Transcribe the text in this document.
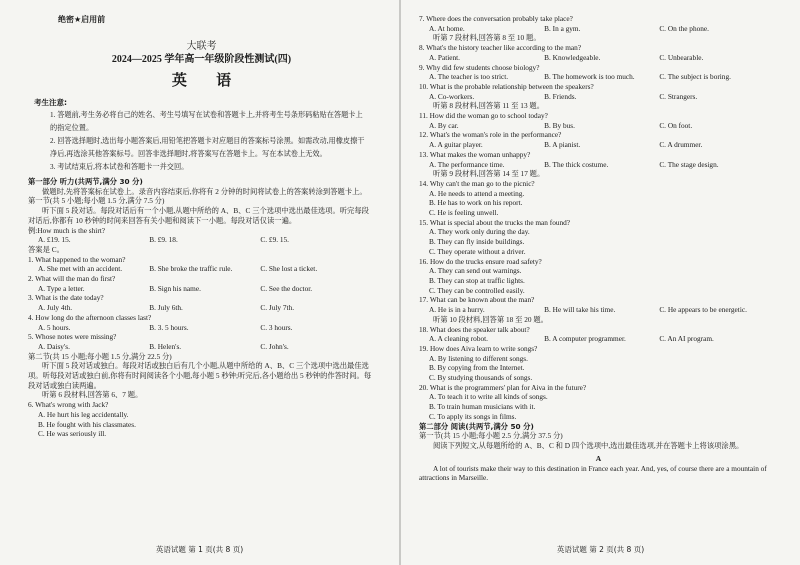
绝密★启用前
大联考
2024—2025 学年高一年级阶段性测试(四)
英 语
考生注意:
1. 答题前,考生务必将自己的姓名、考生号填写在试卷和答题卡上,并将考生号条形码粘贴在答题卡上的指定位置。
2. 回答选择题时,选出每小题答案后,用铅笔把答题卡对应题目的答案标号涂黑。如需改动,用橡皮擦干净后,再选涂其他答案标号。回答非选择题时,将答案写在答题卡上。写在本试卷上无效。
3. 考试结束后,将本试卷和答题卡一并交回。
第一部分 听力(共两节,满分 30 分)
做题时,先将答案标在试卷上。录音内容结束后,你将有 2 分钟的时间将试卷上的答案转涂到答题卡上。
第一节(共 5 小题;每小题 1.5 分,满分 7.5 分)
听下面 5 段对话。每段对话后有一个小题,从题中所给的 A、B、C 三个选项中选出最佳选项。听完每段对话后,你都有 10 秒钟的时间来回答有关小题和阅读下一小题。每段对话仅读一遍。
例:How much is the shirt?
A. £19. 15.	B. £9. 18.	C. £9. 15.
答案是 C。
1. What happened to the woman?
A. She met with an accident.	B. She broke the traffic rule.	C. She lost a ticket.
2. What will the man do first?
A. Type a letter.	B. Sign his name.	C. See the doctor.
3. What is the date today?
A. July 4th.	B. July 6th.	C. July 7th.
4. How long do the afternoon classes last?
A. 5 hours.	B. 3. 5 hours.	C. 3 hours.
5. Whose notes were missing?
A. Daisy's.	B. Helen's.	C. John's.
第二节(共 15 小题;每小题 1.5 分,满分 22.5 分)
听下面 5 段对话或独白。每段对话或独白后有几个小题,从题中所给的 A、B、C 三个选项中选出最佳选项。听每段对话或独白前,你将有时间阅读各个小题,每小题 5 秒钟;听完后,各小题给出 5 秒钟的作答时间。每段对话或独白读两遍。
听第 6 段材料,回答第 6、7 题。
6. What's wrong with Jack?
A. He hurt his leg accidentally.
B. He fought with his classmates.
C. He was seriously ill.
英语试题 第 1 页(共 8 页)
7. Where does the conversation probably take place?
A. At home.	B. In a gym.	C. On the phone.
听第 7 段材料,回答第 8 至 10 题。
8. What's the history teacher like according to the man?
A. Patient.	B. Knowledgeable.	C. Unbearable.
9. Why did few students choose biology?
A. The teacher is too strict.	B. The homework is too much.	C. The subject is boring.
10. What is the probable relationship between the speakers?
A. Co-workers.	B. Friends.	C. Strangers.
听第 8 段材料,回答第 11 至 13 题。
11. How did the woman go to school today?
A. By car.	B. By bus.	C. On foot.
12. What's the woman's role in the performance?
A. A guitar player.	B. A pianist.	C. A drummer.
13. What makes the woman unhappy?
A. The performance time.	B. The thick costume.	C. The stage design.
听第 9 段材料,回答第 14 至 17 题。
14. Why can't the man go to the picnic?
A. He needs to attend a meeting.
B. He has to work on his report.
C. He is feeling unwell.
15. What is special about the trucks the man found?
A. They work only during the day.
B. They can fly inside buildings.
C. They operate without a driver.
16. How do the trucks ensure road safety?
A. They can send out warnings.
B. They can stop at traffic lights.
C. They can be controlled easily.
17. What can be known about the man?
A. He is in a hurry.	B. He will take his time.	C. He appears to be energetic.
听第 10 段材料,回答第 18 至 20 题。
18. What does the speaker talk about?
A. A cleaning robot.	B. A computer programmer.	C. An AI program.
19. How does Aiva learn to write songs?
A. By listening to different songs.
B. By copying from the Internet.
C. By studying thousands of songs.
20. What is the programmers' plan for Aiva in the future?
A. To teach it to write all kinds of songs.
B. To train human musicians with it.
C. To apply its songs in films.
第二部分 阅读(共两节,满分 50 分)
第一节(共 15 小题;每小题 2.5 分,满分 37.5 分)
阅读下列短文,从每题所给的 A、B、C 和 D 四个选项中,选出最佳选项,并在答题卡上将该项涂黑。
A
A lot of tourists make their way to this destination in France each year. And, yes, of course there are a mountain of attractions in Marseille.
英语试题 第 2 页(共 8 页)
